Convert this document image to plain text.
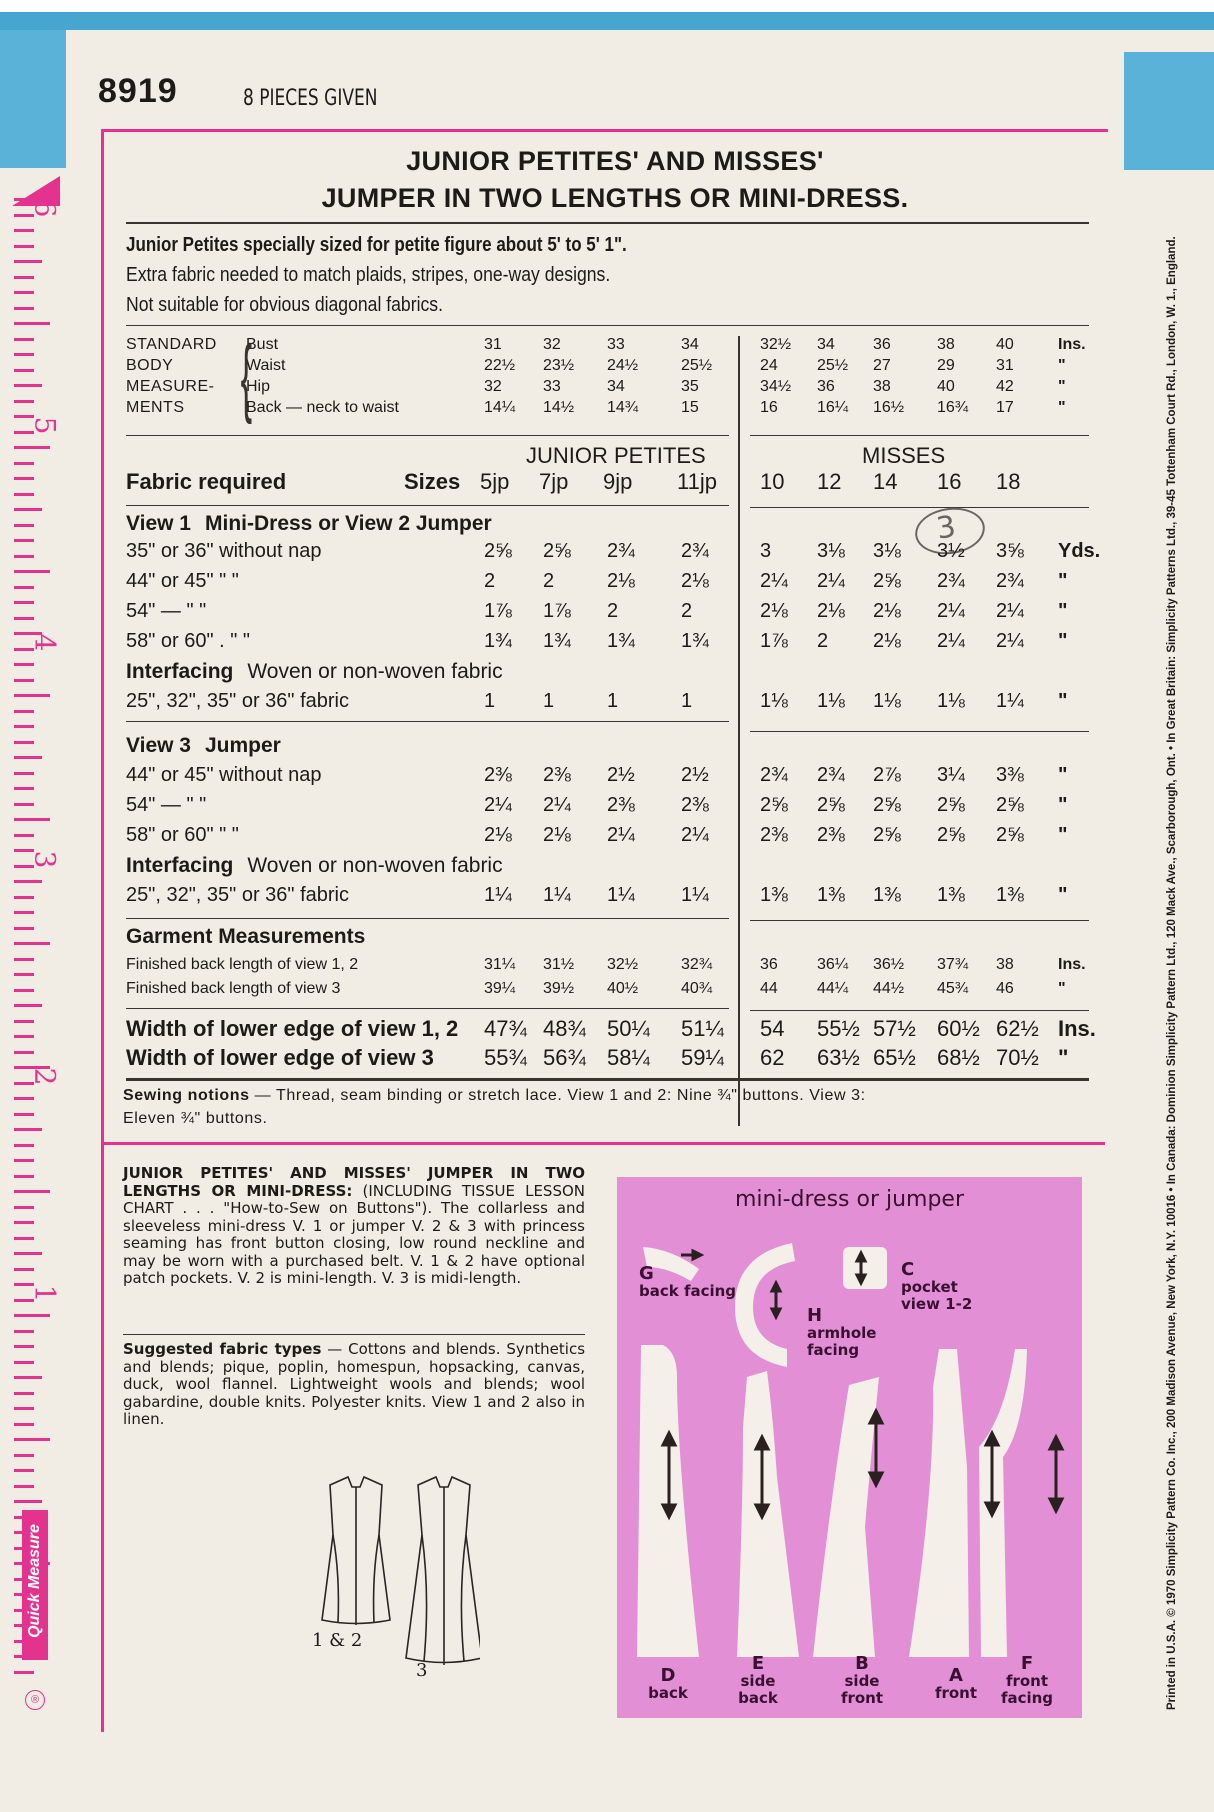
6
5
4
3
2
1
Quick Measure
®
8919	8 PIECES GIVEN
JUNIOR PETITES' AND MISSES'
JUMPER IN TWO LENGTHS OR MINI-DRESS.
Junior Petites specially sized for petite figure about 5' to 5' 1".
Extra fabric needed to match plaids, stripes, one-way designs.
Not suitable for obvious diagonal fabrics.
STANDARD Bust	31	32	33	34	32½ 34 36	38	40	Ins.
BODY	Waist	22½ 23½ 24½	25½	24 25½ 27	29	31	"
MEASURE- Hip	32	33	34	35	34½ 36 38	40	42	"
MENTS	Back — neck to waist	14¼ 14½ 14¾	15	16 16¼ 16½ 16¾ 17	"
{
JUNIOR PETITES	MISSES
Fabric required	Sizes 5jp 7jp 9jp 11jp 10 12 14 16 18
3
View 1 Mini-Dress or View 2 Jumper
35" or 36" without nap	2⅝ 2⅝ 2¾ 2¾	3 3⅛ 3⅛ 3½ 3⅝ Yds.
44" or 45" " "	2 2	2⅛ 2⅛	2¼ 2¼ 2⅝ 2¾ 2¾ "
54" — " "	1⅞ 1⅞ 2	2	2⅛ 2⅛ 2⅛ 2¼ 2¼ "
58" or 60" . " "	1¾ 1¾ 1¾ 1¾	1⅞ 2 2⅛ 2¼ 2¼ "
Interfacing Woven or non-woven fabric
25", 32", 35" or 36" fabric	1 1	1	1	1⅛ 1⅛ 1⅛ 1⅛ 1¼ "
View 3 Jumper
44" or 45" without nap	2⅜ 2⅜ 2½ 2½	2¾ 2¾ 2⅞ 3¼ 3⅜ "
54" — " "	2¼ 2¼ 2⅜ 2⅜	2⅝ 2⅝ 2⅝ 2⅝ 2⅝ "
58" or 60" " "	2⅛ 2⅛ 2¼ 2¼	2⅜ 2⅜ 2⅝ 2⅝ 2⅝ "
Interfacing Woven or non-woven fabric
25", 32", 35" or 36" fabric	1¼ 1¼ 1¼ 1¼	1⅜ 1⅜ 1⅜ 1⅜ 1⅜ "
Garment Measurements
Finished back length of view 1, 2	31¼ 31½ 32½	32¾	36 36¼ 36½ 37¾ 38	Ins.
Finished back length of view 3	39¼ 39½ 40½	40¾	44 44¼ 44½ 45¾ 46	"
Width of lower edge of view 1, 2 47¾ 48¾ 50¼ 51¼ 54 55½ 57½ 60½ 62½ Ins.
Width of lower edge of view 3 55¾ 56¾ 58¼ 59¼ 62 63½ 65½ 68½ 70½ "
Sewing notions — Thread, seam binding or stretch lace. View 1 and 2: Nine ¾" buttons. View 3:
Eleven ¾" buttons.
JUNIOR PETITES' AND MISSES' JUMPER IN TWO LENGTHS OR MINI-DRESS: (INCLUDING TISSUE LESSON CHART . . . "How-to-Sew on Buttons"). The collarless and sleeveless mini-dress V. 1 or jumper V. 2 & 3 with princess seaming has front button closing, low round neckline and may be worn with a purchased belt. V. 1 & 2 have optional patch pockets. V. 2 is mini-length. V. 3 is midi-length.
Suggested fabric types — Cottons and blends. Synthetics and blends; pique, poplin, homespun, hopsacking, canvas, duck, wool flannel. Lightweight wools and blends; wool gabardine, double knits. Polyester knits. View 1 and 2 also in linen.
1 & 2
3
mini-dress or jumper
G
back facing
H
armhole facing
C
pocket view 1-2
D
back
E
side back
B
side front
A
front
F
front facing	Printed in U.S.A. © 1970 Simplicity Pattern Co. Inc., 200 Madison Avenue, New York, N.Y. 10016 • In Canada: Dominion Simplicity Pattern Ltd., 120 Mack Ave., Scarborough, Ont. • In Great Britain: Simplicity Patterns Ltd., 39-45 Tottenham Court Rd., London, W. 1., England.
